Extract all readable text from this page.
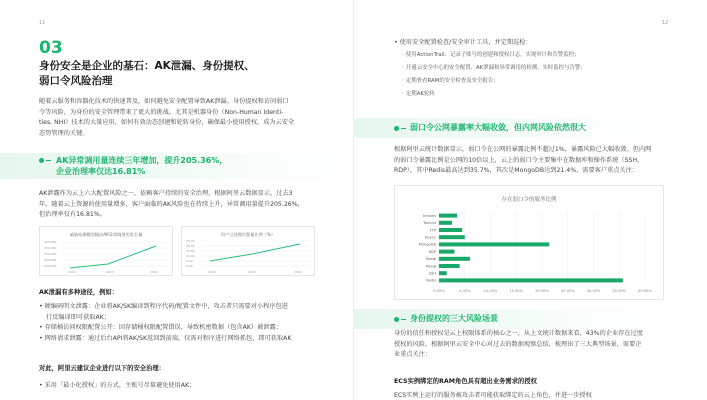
11
03
身份安全是企业的基石：AK泄漏、身份提权、
弱口令风险治理
随着云服务和容器化技术的快速普及，如何避免安全配置导致AK泄漏、身份提权和访问弱口
令等风险，为身份的安全管理带来了更大的挑战。尤其是机器身份（Non-Human Identi-
ties, NHI）技术的大量应用，如何有效动态创建和轮转身份，确保最小使用授权，成为云安全
态势管理的关键。
AK异常调用量连续三年增加，提升205.36%，
企业治理率仅达16.81%
AK泄露作为云上六大配置风险之一，依赖客户持续的安全治理，根据阿里云数据显示，过去3
年，随着云上资源的使用量增多，客户面临的AK风险也在持续上升，异常调用量提升205.26%，
但治理率仅有16.81%。
威胁检测模型输出AK异常调用的发生量
300,000
250,000
200,000
150,000
100,000
2022	2023	2024
用户已处理告警量比例（%）
25.00
20.00
15.00
10.00
5.00
0.00
2022	2023	2024
AK泄漏有多种途径，例如：
• 硬编码明文泄露：企业将AK/SK编译到程序代码/配置文件中，攻击者只需要对小程序包进
行反编译即可获取AK；
• 存储桶访问权限配置公开：因存储桶权限配置错误，导致机密数据（包含AK）被泄露；
• 网络请求泄露：通过后台API将AK/SK返回到前端，仅需对程序进行网络抓包，即可获取AK
对此，阿里云建议企业进行以下的安全治理：
• 采用「最小化授权」的方式，主账号尽量避免使用AK；
12
• 使用安全配置检查/安全审计工具，并定期巡检：
◦ 使用ActionTrail、记录子账号的创建和授权日志，实现审计和告警监控；
◦ 开通云安全中心的安全配置、AK泄漏和异常调用的检测、实时监控与告警；
◦ 定期查看RAM的安全检查及安全报告；
◦ 定期AK轮转
弱口令公网暴露率大幅收敛，但内网风险依然很大
根据阿里云统计数据显示，弱口令在公网的暴露比例不超过1%，暴露风险已大幅收敛。但内网
的弱口令暴露比例是公网的10倍以上，云上的弱口令主要集中在数据库和操作系统（SSH、
RDP），其中Redis最高达到35.7%，其次是MongoDB达到21.4%，需要客户重点关注：
存在弱口令的服务比例
0.00%	5.00%	10.00%	15.00%	20.00%	25.00%	30.00%	35.00%	40.00%
Jenkins
Tomcat
FTP
Rsync
MongoDB
RDP
Mssql
Mysql
SSH
Redis
身份提权的三大风险场景
身份的信任和授权是云上权限体系的核心之一，从上文统计数据来看，43%的企业存在过度
授权的风险。根据阿里云安全中心对过去的数据观察总结，梳理出了三大典型场景，需要企
业重点关注：
ECS实例绑定的RAM角色具有超出业务需求的授权
ECS实例上运行的服务被攻击者可能获取绑定的云上角色，并进一步授权
